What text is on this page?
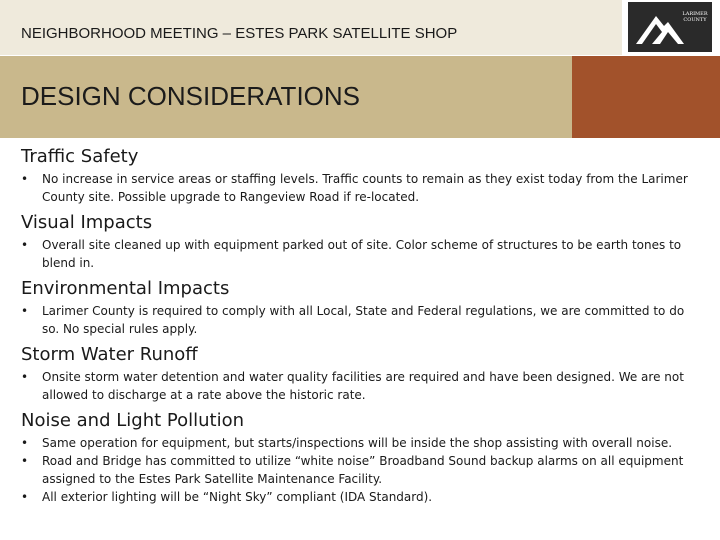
NEIGHBORHOOD MEETING – ESTES PARK SATELLITE SHOP
LARIMER COUNTY
DESIGN CONSIDERATIONS
Traffic Safety
• No increase in service areas or staffing levels. Traffic counts to remain as they exist today from the Larimer County site. Possible upgrade to Rangeview Road if re-located.
Visual Impacts
• Overall site cleaned up with equipment parked out of site. Color scheme of structures to be earth tones to blend in.
Environmental Impacts
• Larimer County is required to comply with all Local, State and Federal regulations, we are committed to do so. No special rules apply.
Storm Water Runoff
• Onsite storm water detention and water quality facilities are required and have been designed. We are not allowed to discharge at a rate above the historic rate.
Noise and Light Pollution
• Same operation for equipment, but starts/inspections will be inside the shop assisting with overall noise.
• Road and Bridge has committed to utilize “white noise” Broadband Sound backup alarms on all equipment assigned to the Estes Park Satellite Maintenance Facility.
• All exterior lighting will be “Night Sky” compliant (IDA Standard).
